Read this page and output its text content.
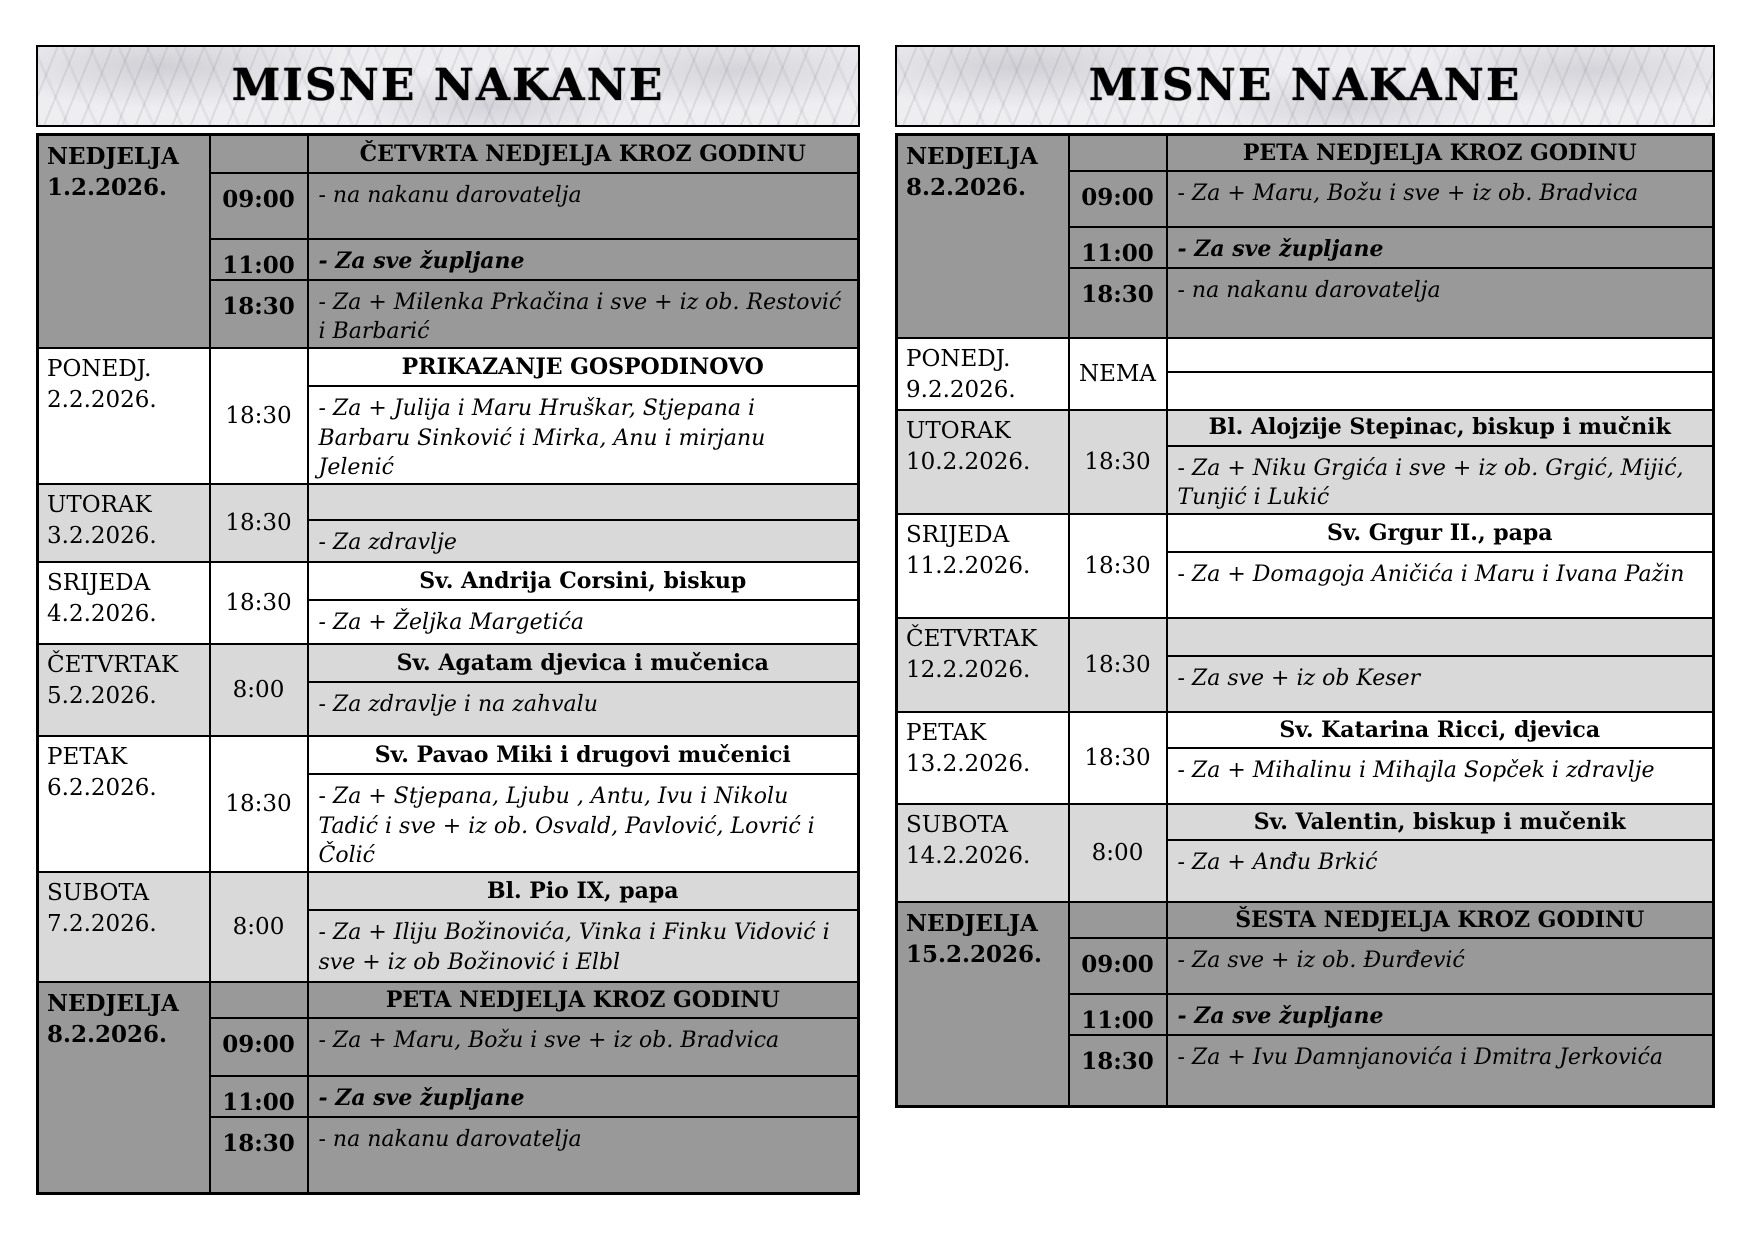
MISNE NAKANE
NEDJELJA
1.2.2026.		ČETVRTA NEDJELJA KROZ GODINU
	09:00	- na nakanu darovatelja
	11:00	- Za sve župljane
	18:30	- Za + Milenka Prkačina i sve + iz ob. Restović i Barbarić

PONEDJ.
2.2.2026.	18:30	PRIKAZANJE GOSPODINOVO
		- Za + Julija i Maru Hruškar, Stjepana i Barbaru Sinković i Mirka, Anu i mirjanu Jelenić

UTORAK
3.2.2026.	18:30	
		- Za zdravlje

SRIJEDA
4.2.2026.	18:30	Sv. Andrija Corsini, biskup
		- Za + Željka Margetića

ČETVRTAK
5.2.2026.	8:00	Sv. Agatam djevica i mučenica
		- Za zdravlje i na zahvalu

PETAK
6.2.2026.	18:30	Sv. Pavao Miki i drugovi mučenici
		- Za + Stjepana, Ljubu , Antu, Ivu i Nikolu Tadić i sve + iz ob. Osvald, Pavlović, Lovrić i Čolić

SUBOTA
7.2.2026.	8:00	Bl. Pio IX, papa
		- Za + Iliju Božinovića, Vinka i Finku Vidović i sve + iz ob Božinović i Elbl

NEDJELJA
8.2.2026.		PETA NEDJELJA KROZ GODINU
	09:00	- Za + Maru, Božu i sve + iz ob. Bradvica
	11:00	- Za sve župljane
	18:30	- na nakanu darovatelja
MISNE NAKANE
NEDJELJA
8.2.2026.		PETA NEDJELJA KROZ GODINU
	09:00	- Za + Maru, Božu i sve + iz ob. Bradvica
	11:00	- Za sve župljane
	18:30	- na nakanu darovatelja

PONEDJ.
9.2.2026.	NEMA	

UTORAK
10.2.2026.	18:30	Bl. Alojzije Stepinac, biskup i mučnik
		- Za + Niku Grgića i sve + iz ob. Grgić, Mijić, Tunjić i Lukić

SRIJEDA
11.2.2026.	18:30	Sv. Grgur II., papa
		- Za + Domagoja Aničića i Maru i Ivana Pažin

ČETVRTAK
12.2.2026.	18:30	
		- Za sve + iz ob Keser

PETAK
13.2.2026.	18:30	Sv. Katarina Ricci, djevica
		- Za + Mihalinu i Mihajla Sopček i zdravlje

SUBOTA
14.2.2026.	8:00	Sv. Valentin, biskup i mučenik
		- Za + Anđu Brkić

NEDJELJA
15.2.2026.		ŠESTA NEDJELJA KROZ GODINU
	09:00	- Za sve + iz ob. Đurđević
	11:00	- Za sve župljane
	18:30	- Za + Ivu Damnjanovića i Dmitra Jerkovića
